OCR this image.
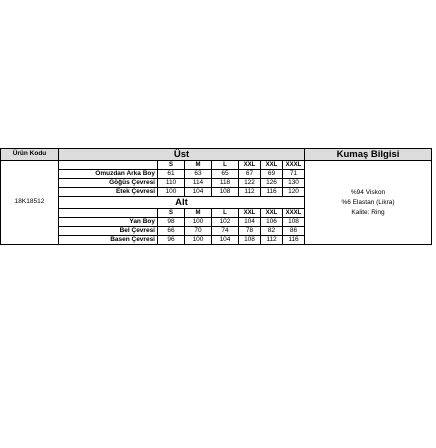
Ürün Kodu	Üst							Kumaş Bilgisi
18K18512		S	M	L	XXL	XXL	XXXL	%94 Viskon
%6 Elastan (Likra)
Kalite: Ring

	Omuzdan Arka Boy	61	63	65	67	69	71	
	Göğüs Çevresi	110	114	118	122	126	130	
	Etek Çevresi	100	104	108	112	116	120	
	Alt							
		S	M	L	XXL	XXL	XXXL	
	Yan Boy	98	100	102	104	106	108	
	Bel Çevresi	66	70	74	78	82	86	
	Basen Çevresi	96	100	104	108	112	116	
